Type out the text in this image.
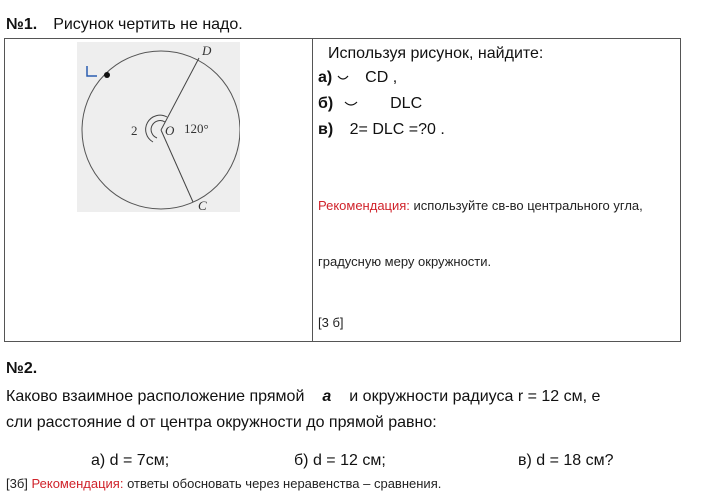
№1. Рисунок чертить не надо.
D
C
O
2	120°
Используя рисунок, найдите:
а) CD ,
б)	DLC
в) 2= DLC =?0 .
Рекомендация: используйте св-во центрального угла,
градусную меру окружности.
[3 б]
№2.
Каково взаимное расположение прямой a и окружности радиуса r = 12 см, е
сли расстояние d от центра окружности до прямой равно:
а) d = 7см;	б) d = 12 см;	в) d = 18 см?
[3б] Рекомендация: ответы обосновать через неравенства – сравнения.
